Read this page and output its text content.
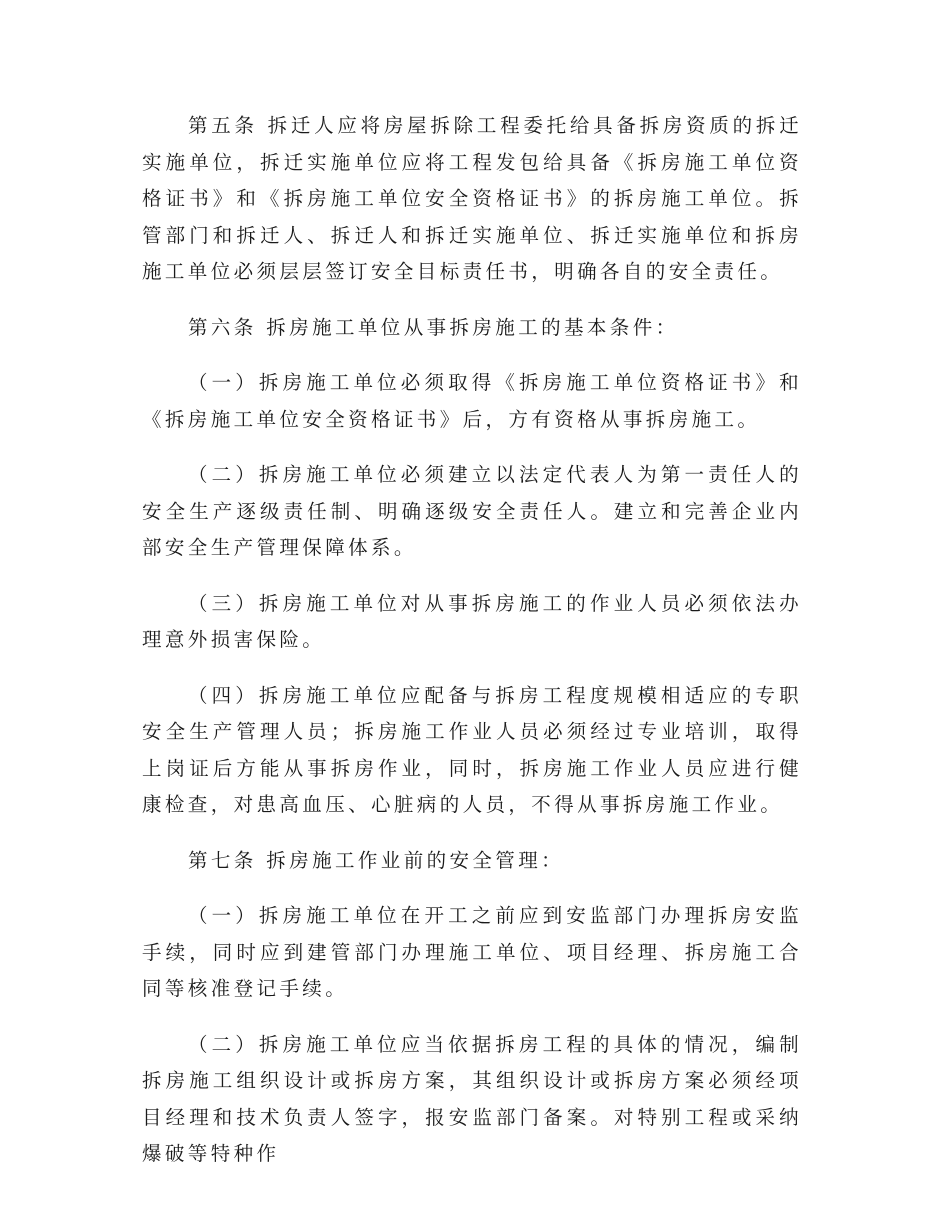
第五条 拆迁人应将房屋拆除工程委托给具备拆房资质的拆迁实施单位，拆迁实施单位应将工程发包给具备《拆房施工单位资格证书》和《拆房施工单位安全资格证书》的拆房施工单位。拆管部门和拆迁人、拆迁人和拆迁实施单位、拆迁实施单位和拆房施工单位必须层层签订安全目标责任书，明确各自的安全责任。

第六条 拆房施工单位从事拆房施工的基本条件：

（一）拆房施工单位必须取得《拆房施工单位资格证书》和《拆房施工单位安全资格证书》后，方有资格从事拆房施工。

（二）拆房施工单位必须建立以法定代表人为第一责任人的安全生产逐级责任制、明确逐级安全责任人。建立和完善企业内部安全生产管理保障体系。

（三）拆房施工单位对从事拆房施工的作业人员必须依法办理意外损害保险。

（四）拆房施工单位应配备与拆房工程度规模相适应的专职安全生产管理人员；拆房施工作业人员必须经过专业培训，取得上岗证后方能从事拆房作业，同时，拆房施工作业人员应进行健康检查，对患高血压、心脏病的人员，不得从事拆房施工作业。

第七条 拆房施工作业前的安全管理：

（一）拆房施工单位在开工之前应到安监部门办理拆房安监手续，同时应到建管部门办理施工单位、项目经理、拆房施工合同等核准登记手续。

（二）拆房施工单位应当依据拆房工程的具体的情况，编制拆房施工组织设计或拆房方案，其组织设计或拆房方案必须经项目经理和技术负责人签字，报安监部门备案。对特别工程或采纳爆破等特种作
